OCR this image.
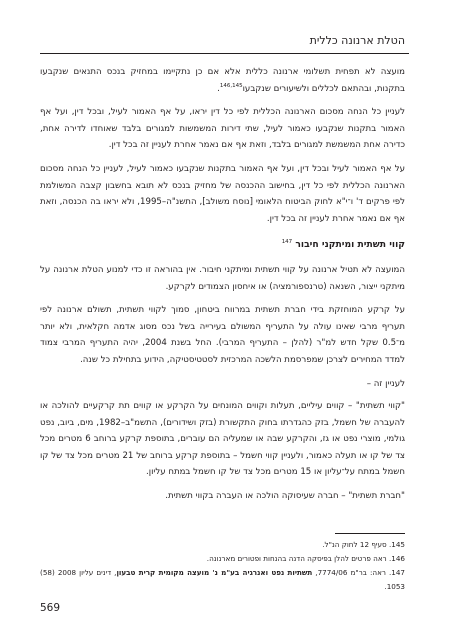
הטלת ארנונה כללית

מועצה לא תפחית תשלומי ארנונה כללית אלא אם כן נתקיימו במחזיק בנכס התנאים שנקבעו בתקנות, ובהתאם לכללים ולשיעורים שנקבעו$^{146,145}$.

לעניין כל הנחה מסכום הארנונה הכללית לפי כל דין יראו, על אף האמור לעיל, ובכל דין, ועל אף האמור בתקנות שנקבעו כאמור לעיל, שתי דירות המשמשות למגורים בלבד שאוחדו לדירה אחת, כדירה אחת המשמשת למגורים בלבד, וזאת אף אם נאמר אחרת לעניין זה בכל דין.

על אף האמור לעיל ובכל דין, ועל אף האמור בתקנות שנקבעו כאמור לעיל, לעניין כל הנחה מסכום הארנונה הכללית לפי כל דין, בחישוב ההכנסה של מחזיק בנכס לא תובא בחשבון קצבה המשולמת לפי פרקים ד' ו־י"א לחוק הביטוח הלאומי [נוסח משולב], התשנ"ה–1995, ולא יראו בה הכנסה, וזאת אף אם נאמר אחרת לעניין זה בכל דין.

קווי תשתית ומיתקני חיבור $^{147}$

המועצה לא תטיל ארנונה על קווי תשתית ומיתקני חיבור. אין בהוראה זו כדי למנוע הטלת ארנונה על מיתקני ייצור, השנאה (טרנספורמציה) או איחסון הצמודים לקרקע.

על קרקע המוחזקת בידי חברת תשתית במרווח ביטחון, סמוך לקווי תשתית, תשולם ארנונה לפי תעריף מרבי שאינו עולה על התעריף המשולם בעירייה בשל נכס מסוג אדמה חקלאית, ולא יותר מ־0.5 שקל חדש למ"ר (להלן – התעריף המרבי). החל בשנת 2004, יהיה התעריף המרבי צמוד למדד המחירים לצרכן שמפרסמת הלשכה המרכזית לסטטיסטיקה, הידוע בתחילת כל שנה.

לעניין זה –

"קווי תשתית" – קווים עיליים, תעלות וקווים המונחים על הקרקע או קווים תת קרקעיים להולכה או להעברה של חשמל, בזק כהגדרתו בחוק התקשורת (בזק ושידורים), התשמ"ב–1982, מים, ביוב, נפט גולמי, מוצרי נפט או גז, והקרקע שבה או שמעליה הם עוברים, בתוספת קרקע ברוחב 6 מטרים מכל צד של קו או תעלה כאמור, ולעניין קווי חשמל – בתוספת קרקע ברוחב של 21 מטרים מכל צד של קו חשמל במתח על־עליון או 15 מטרים מכל צד של קו חשמל במתח עליון.

"חברת תשתית" – חברה שעיסוקה הולכה או העברה בקווי תשתית.

145. סעיף 12 לחוק הנ"ל.

146. ראה פרטים להלן בפיסקה הדנה בהנחות ופטורים מארנונה.

147. ראה: בר"מ 7774/06, תשתיות נפט ואנרגיה בע"מ נ' מועצה מקומית קרית טבעון, דינים עליון 2008 (58) 1053.

569
